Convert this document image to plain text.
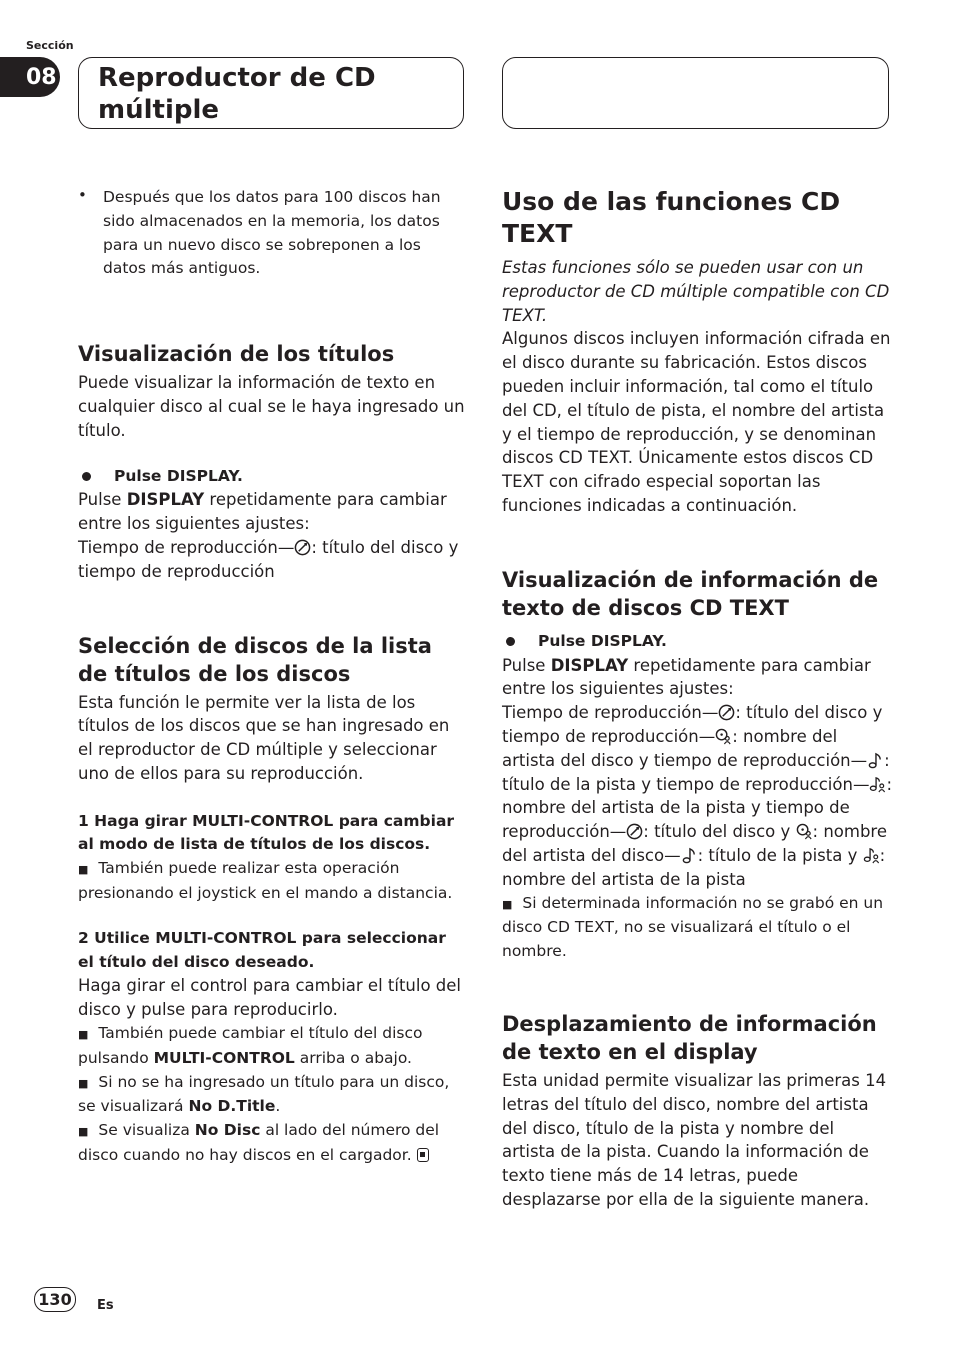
Sección
08	Reproductor de CD múltiple
•	Después que los datos para 100 discos han sido almacenados en la memoria, los datos para un nuevo disco se sobreponen a los datos más antiguos.

Visualización de los títulos

Puede visualizar la información de texto en cualquier disco al cual se le haya ingresado un título.

Pulse DISPLAY.

Pulse DISPLAY repetidamente para cambiar entre los siguientes ajustes:

Tiempo de reproducción— : título del disco y tiempo de reproducción

Selección de discos de la lista de títulos de los discos

Esta función le permite ver la lista de los títulos de los discos que se han ingresado en el reproductor de CD múltiple y seleccionar uno de ellos para su reproducción.

1 Haga girar MULTI-CONTROL para cambiar al modo de lista de títulos de los discos.

■ También puede realizar esta operación presionando el joystick en el mando a distancia.

2 Utilice MULTI-CONTROL para seleccionar el título del disco deseado.

Haga girar el control para cambiar el título del disco y pulse para reproducirlo.

■ También puede cambiar el título del disco pulsando MULTI-CONTROL arriba o abajo.

■ Si no se ha ingresado un título para un disco, se visualizará No D.Title.

■ Se visualiza No Disc al lado del número del disco cuando no hay discos en el cargador.

Uso de las funciones CD TEXT

Estas funciones sólo se pueden usar con un reproductor de CD múltiple compatible con CD TEXT.

Algunos discos incluyen información cifrada en el disco durante su fabricación. Estos discos pueden incluir información, tal como el título del CD, el título de pista, el nombre del artista y el tiempo de reproducción, y se denominan discos CD TEXT. Únicamente estos discos CD TEXT con cifrado especial soportan las funciones indicadas a continuación.

Visualización de información de texto de discos CD TEXT
Pulse DISPLAY.

Pulse DISPLAY repetidamente para cambiar entre los siguientes ajustes:

Tiempo de reproducción— : título del disco y tiempo de reproducción— : nombre del artista del disco y tiempo de reproducción— : título de la pista y tiempo de reproducción— : nombre del artista de la pista y tiempo de reproducción— : título del disco y : nombre del artista del disco— : título de la pista y : nombre del artista de la pista

■ Si determinada información no se grabó en un disco CD TEXT, no se visualizará el título o el nombre.

Desplazamiento de información de texto en el display

Esta unidad permite visualizar las primeras 14 letras del título del disco, nombre del artista del disco, título de la pista y nombre del artista de la pista. Cuando la información de texto tiene más de 14 letras, puede desplazarse por ella de la siguiente manera.

130	Es
